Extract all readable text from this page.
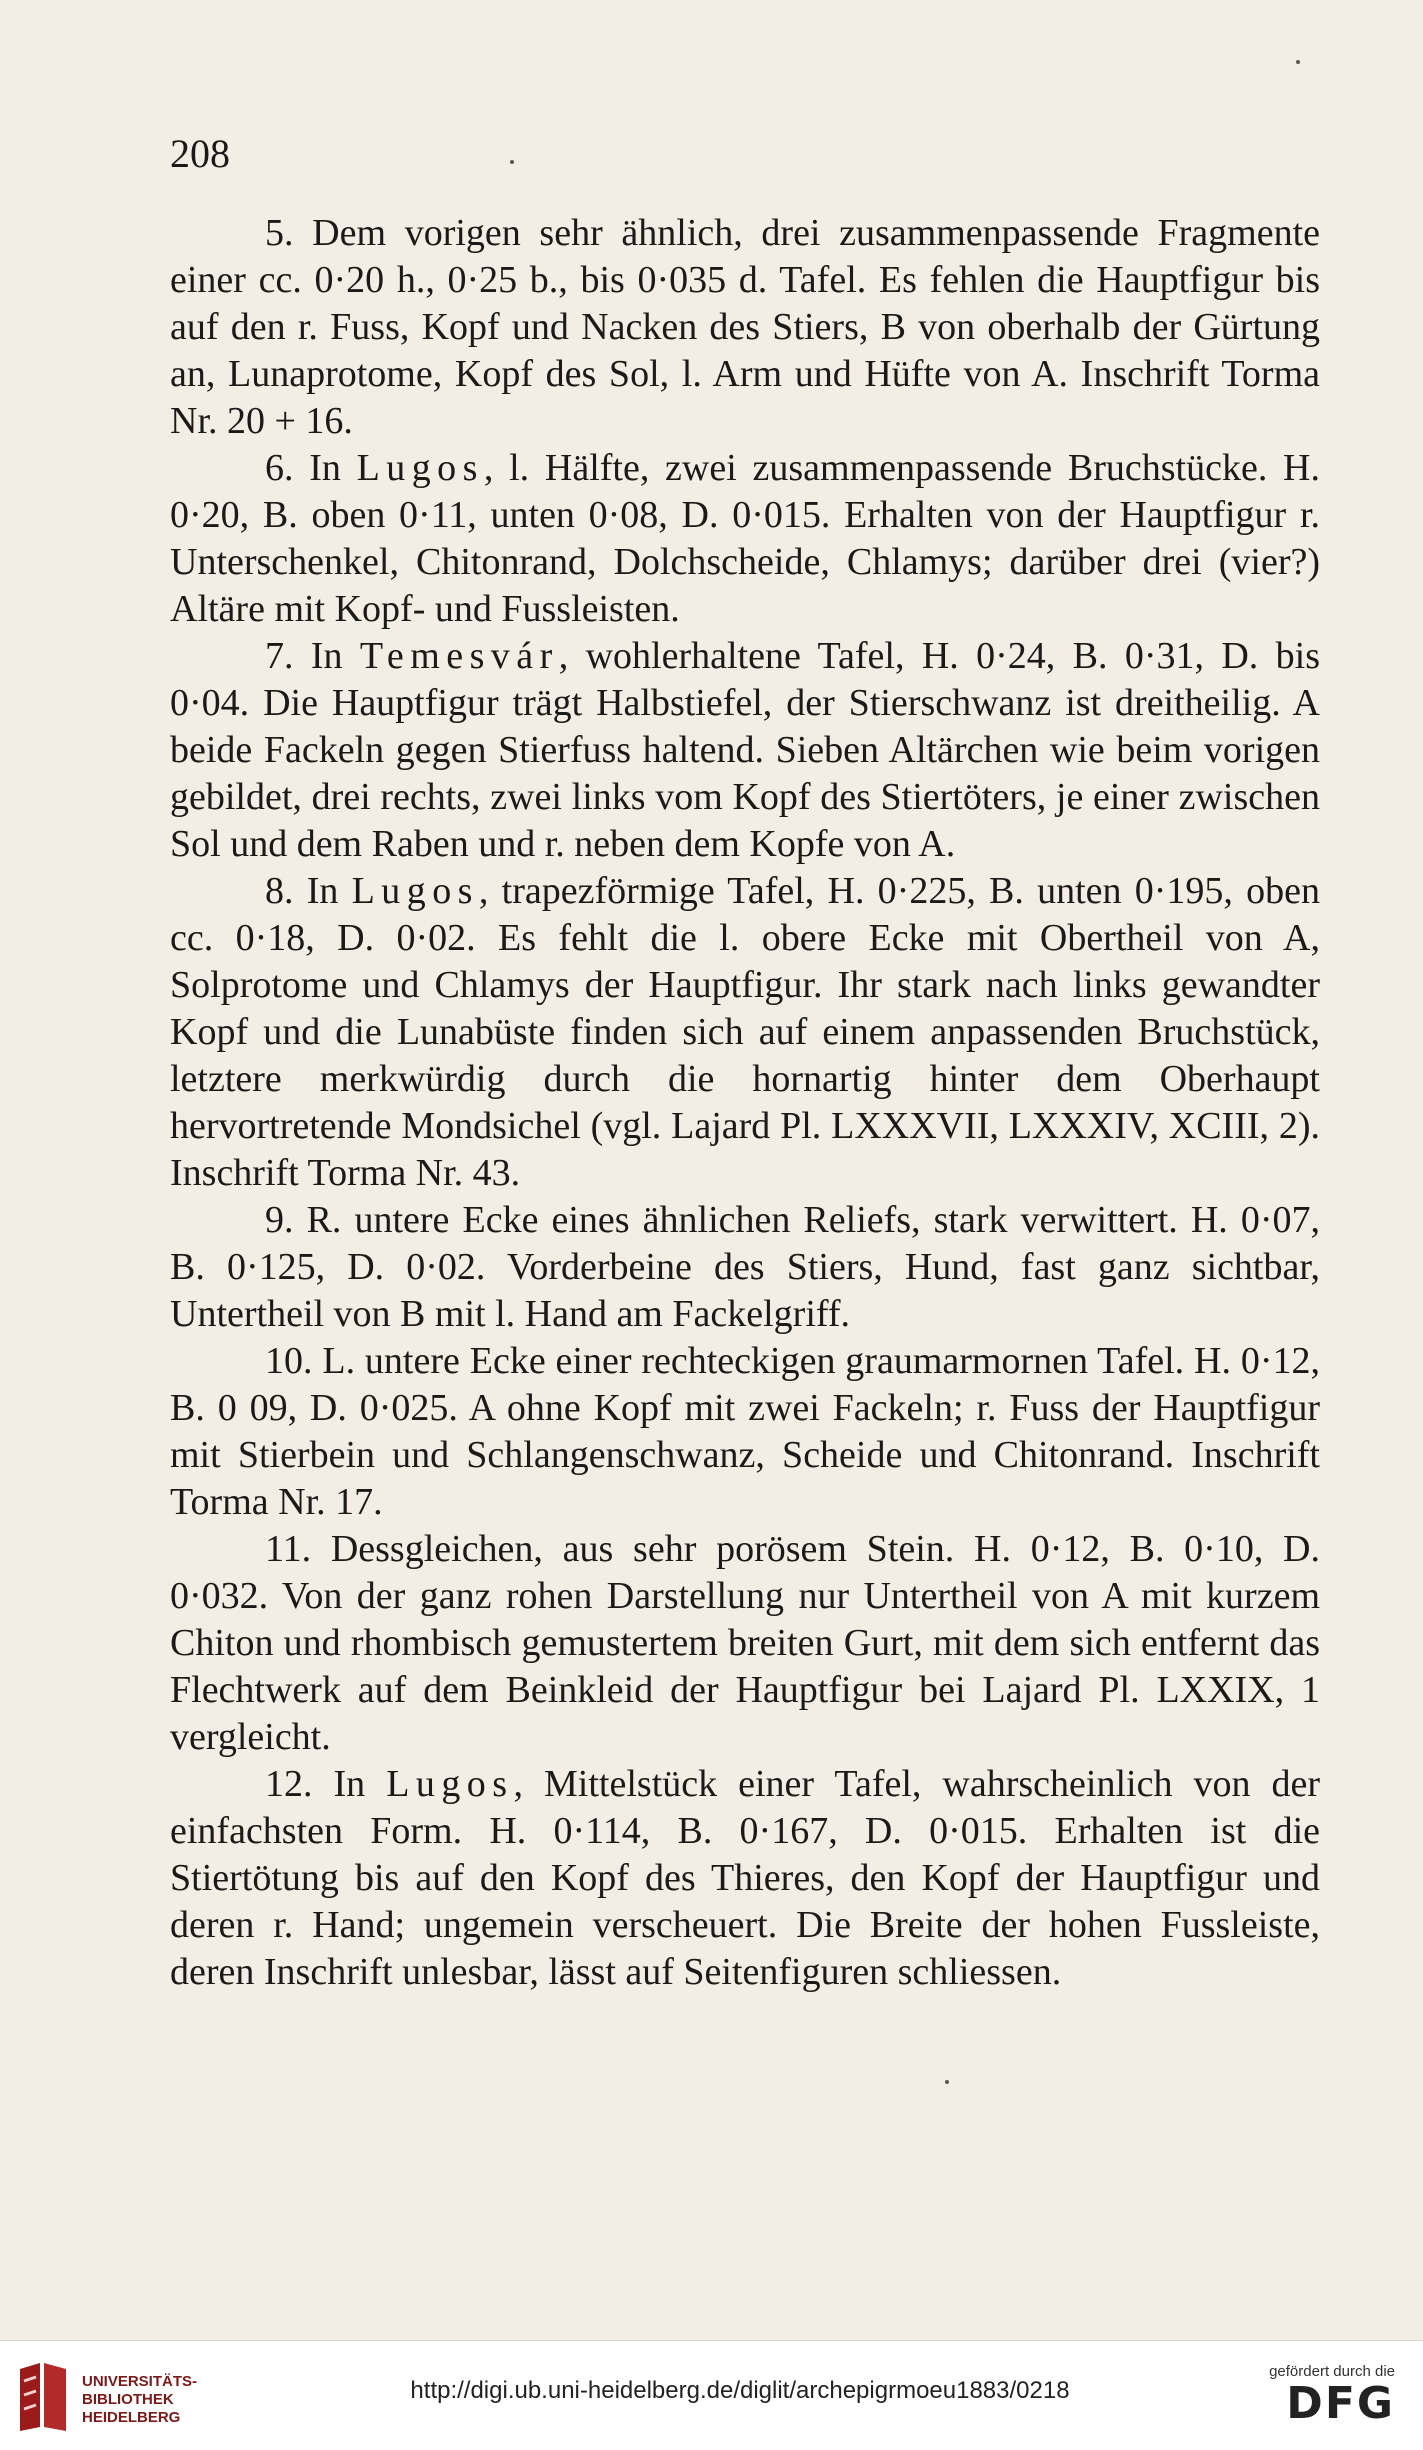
208

5. Dem vorigen sehr ähnlich, drei zusammenpassende Fragmente einer cc. 0·20 h., 0·25 b., bis 0·035 d. Tafel. Es fehlen die Hauptfigur bis auf den r. Fuss, Kopf und Nacken des Stiers, B von oberhalb der Gürtung an, Lunaprotome, Kopf des Sol, l. Arm und Hüfte von A. Inschrift Torma Nr. 20 + 16.

6. In Lugos, l. Hälfte, zwei zusammenpassende Bruchstücke. H. 0·20, B. oben 0·11, unten 0·08, D. 0·015. Erhalten von der Hauptfigur r. Unterschenkel, Chitonrand, Dolchscheide, Chlamys; darüber drei (vier?) Altäre mit Kopf- und Fussleisten.

7. In Temesvár, wohlerhaltene Tafel, H. 0·24, B. 0·31, D. bis 0·04. Die Hauptfigur trägt Halbstiefel, der Stierschwanz ist dreitheilig. A beide Fackeln gegen Stierfuss haltend. Sieben Altärchen wie beim vorigen gebildet, drei rechts, zwei links vom Kopf des Stiertöters, je einer zwischen Sol und dem Raben und r. neben dem Kopfe von A.

8. In Lugos, trapezförmige Tafel, H. 0·225, B. unten 0·195, oben cc. 0·18, D. 0·02. Es fehlt die l. obere Ecke mit Obertheil von A, Solprotome und Chlamys der Hauptfigur. Ihr stark nach links gewandter Kopf und die Lunabüste finden sich auf einem anpassenden Bruchstück, letztere merkwürdig durch die hornartig hinter dem Oberhaupt hervortretende Mondsichel (vgl. Lajard Pl. LXXXVII, LXXXIV, XCIII, 2). Inschrift Torma Nr. 43.

9. R. untere Ecke eines ähnlichen Reliefs, stark verwittert. H. 0·07, B. 0·125, D. 0·02. Vorderbeine des Stiers, Hund, fast ganz sichtbar, Untertheil von B mit l. Hand am Fackelgriff.

10. L. untere Ecke einer rechteckigen graumarmornen Tafel. H. 0·12, B. 0 09, D. 0·025. A ohne Kopf mit zwei Fackeln; r. Fuss der Hauptfigur mit Stierbein und Schlangenschwanz, Scheide und Chitonrand. Inschrift Torma Nr. 17.

11. Dessgleichen, aus sehr porösem Stein. H. 0·12, B. 0·10, D. 0·032. Von der ganz rohen Darstellung nur Untertheil von A mit kurzem Chiton und rhombisch gemustertem breiten Gurt, mit dem sich entfernt das Flechtwerk auf dem Beinkleid der Hauptfigur bei Lajard Pl. LXXIX, 1 vergleicht.

12. In Lugos, Mittelstück einer Tafel, wahrscheinlich von der einfachsten Form. H. 0·114, B. 0·167, D. 0·015. Erhalten ist die Stiertötung bis auf den Kopf des Thieres, den Kopf der Hauptfigur und deren r. Hand; ungemein verscheuert. Die Breite der hohen Fussleiste, deren Inschrift unlesbar, lässt auf Seitenfiguren schliessen.

UNIVERSITÄTS-
BIBLIOTHEK
HEIDELBERG
http://digi.ub.uni-heidelberg.de/diglit/archepigrmoeu1883/0218
gefördert durch die
DFG
